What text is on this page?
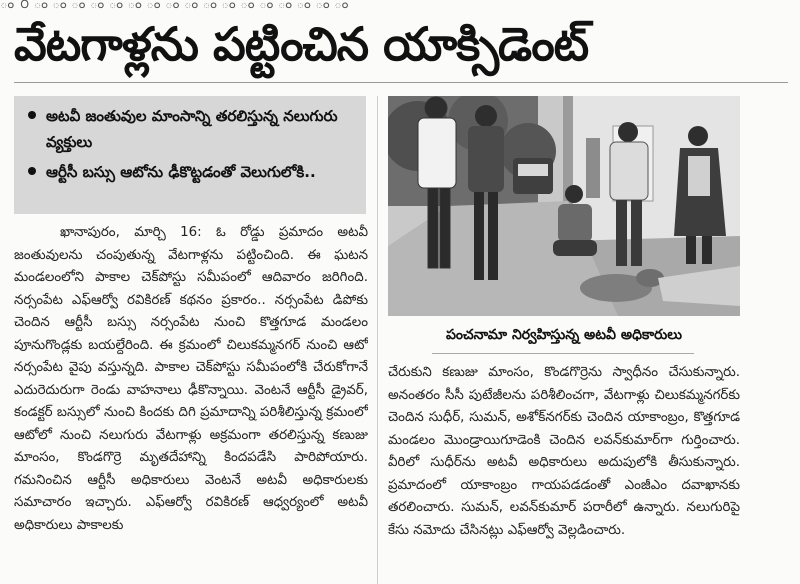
ం ౦ ం ం ం ం ం ం ం ం ం ం ం ం ం ం ం ం ం
వేటగాళ్లను పట్టించిన యాక్సిడెంట్
అటవీ జంతువుల మాంసాన్ని తరలిస్తున్న నలుగురు వ్యక్తులు
ఆర్టీసీ బస్సు ఆటోను ఢీకొట్టడంతో వెలుగులోకి..
ఖానాపురం, మార్చి 16: ఓ రోడ్డు ప్రమాదం అటవీ జంతువులను చంపుతున్న వేటగాళ్లను పట్టించింది. ఈ ఘటన మండలంలోని పాకాల చెక్‌పోస్టు సమీపంలో ఆదివారం జరిగింది. నర్సంపేట ఎఫ్‌ఆర్వో రవికిరణ్ కథనం ప్రకారం.. నర్సంపేట డిపోకు చెందిన ఆర్టీసీ బస్సు నర్సంపేట నుంచి కొత్తగూడ మండలం పూనుగొండ్లకు బయల్దేరింది. ఈ క్రమంలో చిలుకమ్మనగర్ నుంచి ఆటో నర్సంపేట వైపు వస్తున్నది. పాకాల చెక్‌పోస్టు సమీపంలోకి చేరుకోగానే ఎదురెదురుగా రెండు వాహనాలు ఢీకొన్నాయి. వెంటనే ఆర్టీసీ డ్రైవర్, కండక్టర్ బస్సులో నుంచి కిందకు దిగి ప్రమాదాన్ని పరిశీలిస్తున్న క్రమంలో ఆటోలో నుంచి నలుగురు వేటగాళ్లు అక్రమంగా తరలిస్తున్న కణుజు మాంసం, కొండగొర్రె మృతదేహాన్ని కిందపడేసి పారిపోయారు. గమనించిన ఆర్టీసీ అధికారులు వెంటనే అటవీ అధికారులకు సమాచారం ఇచ్చారు. ఎఫ్‌ఆర్వో రవికిరణ్ ఆధ్వర్యంలో అటవీ అధికారులు పాకాలకు
పంచనామా నిర్వహిస్తున్న అటవీ అధికారులు
చేరుకుని కణుజు మాంసం, కొండగొర్రెను స్వాధీనం చేసుకున్నారు. అనంతరం సీసీ పుటేజీలను పరిశీలించగా, వేటగాళ్లు చిలుకమ్మనగర్‌కు చెందిన సుధీర్, సుమన్, అశోక్‌నగర్‌కు చెందిన యాకాంబ్రం, కొత్తగూడ మండలం మొండ్రాయిగూడెంకి చెందిన లవన్‌కుమార్‌గా గుర్తించారు. వీరిలో సుధీర్‌ను అటవీ అధికారులు అదుపులోకి తీసుకున్నారు. ప్రమాదంలో యాకాంబ్రం గాయపడడంతో ఎంజీఎం దవాఖానకు తరలించారు. సుమన్, లవన్‌కుమార్ పరారీలో ఉన్నారు. నలుగురిపై కేసు నమోదు చేసినట్లు ఎఫ్‌ఆర్వో వెల్లడించారు.
